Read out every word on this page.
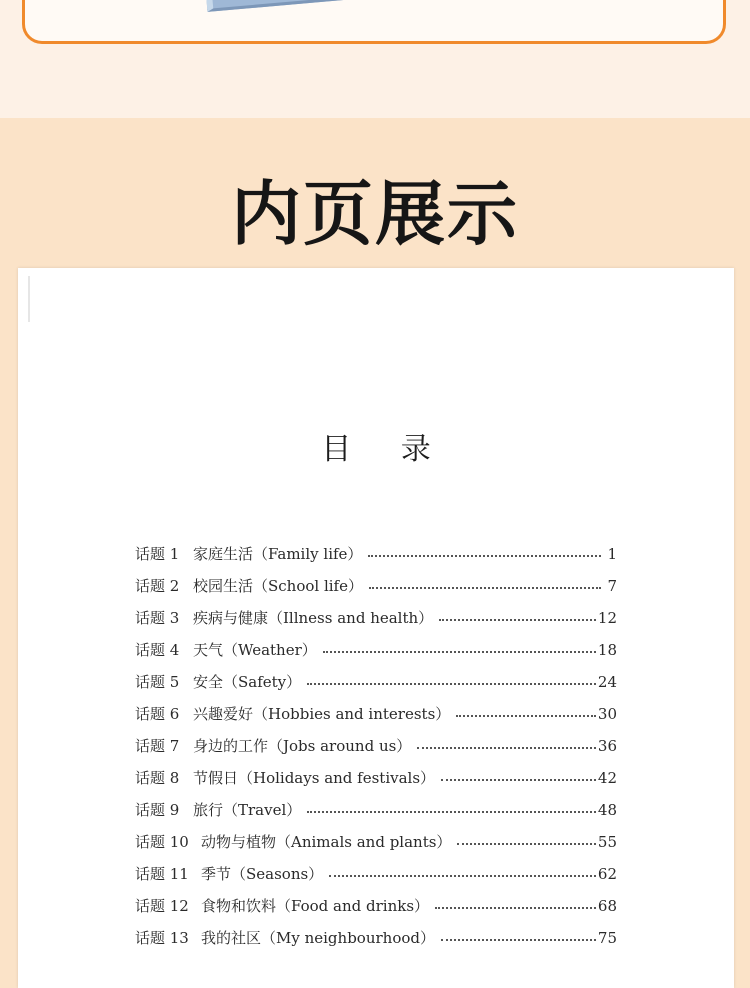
内页展示
目 录
话题 1 家庭生活（Family life）	1
话题 2 校园生活（School life）	7
话题 3 疾病与健康（Illness and health）	12
话题 4 天气（Weather）	18
话题 5 安全（Safety）	24
话题 6 兴趣爱好（Hobbies and interests）	30
话题 7 身边的工作（Jobs around us）	36
话题 8 节假日（Holidays and festivals）	42
话题 9 旅行（Travel）	48
话题 10 动物与植物（Animals and plants）	55
话题 11 季节（Seasons）	62
话题 12 食物和饮料（Food and drinks）	68
话题 13 我的社区（My neighbourhood）	75
